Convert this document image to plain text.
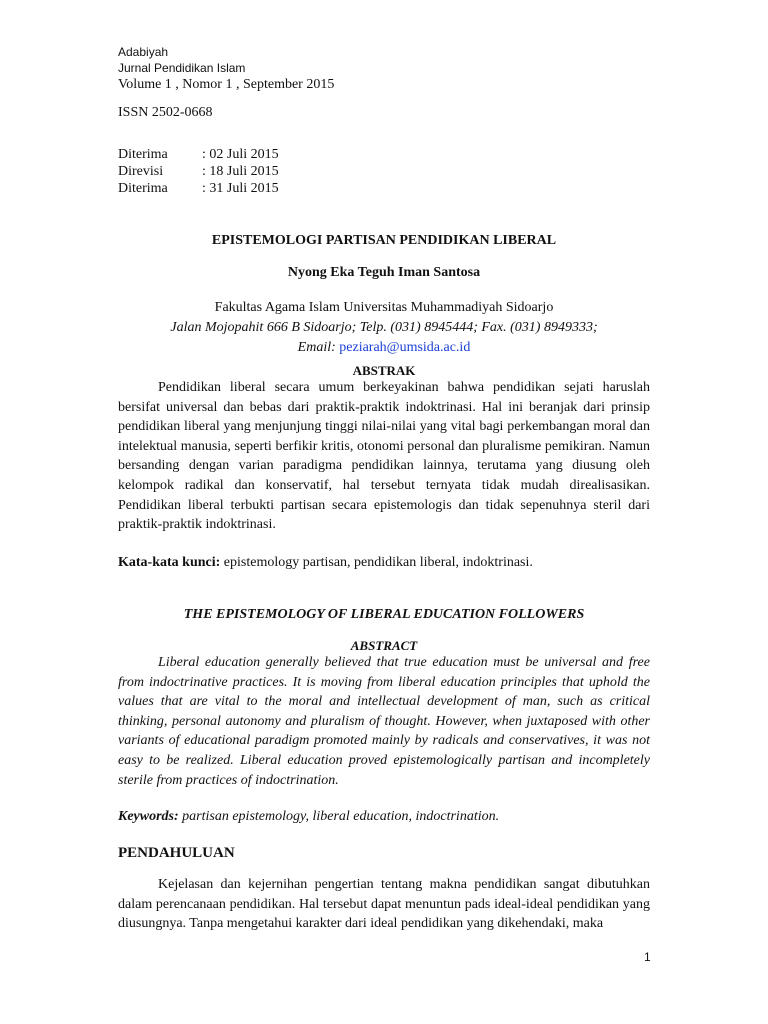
Adabiyah
Jurnal Pendidikan Islam
Volume 1 , Nomor 1 , September 2015
ISSN 2502-0668
Diterima	: 02 Juli 2015
Direvisi	: 18 Juli 2015
Diterima	: 31 Juli 2015
EPISTEMOLOGI PARTISAN PENDIDIKAN LIBERAL
Nyong Eka Teguh Iman Santosa
Fakultas Agama Islam Universitas Muhammadiyah Sidoarjo
Jalan Mojopahit 666 B Sidoarjo; Telp. (031) 8945444; Fax. (031) 8949333;
Email: peziarah@umsida.ac.id
ABSTRAK
Pendidikan liberal secara umum berkeyakinan bahwa pendidikan sejati haruslah bersifat universal dan bebas dari praktik-praktik indoktrinasi. Hal ini beranjak dari prinsip pendidikan liberal yang menjunjung tinggi nilai-nilai yang vital bagi perkembangan moral dan intelektual manusia, seperti berfikir kritis, otonomi personal dan pluralisme pemikiran. Namun bersanding dengan varian paradigma pendidikan lainnya, terutama yang diusung oleh kelompok radikal dan konservatif, hal tersebut ternyata tidak mudah direalisasikan. Pendidikan liberal terbukti partisan secara epistemologis dan tidak sepenuhnya steril dari praktik-praktik indoktrinasi.
Kata-kata kunci: epistemology partisan, pendidikan liberal, indoktrinasi.
THE EPISTEMOLOGY OF LIBERAL EDUCATION FOLLOWERS
ABSTRACT
Liberal education generally believed that true education must be universal and free from indoctrinative practices. It is moving from liberal education principles that uphold the values that are vital to the moral and intellectual development of man, such as critical thinking, personal autonomy and pluralism of thought. However, when juxtaposed with other variants of educational paradigm promoted mainly by radicals and conservatives, it was not easy to be realized. Liberal education proved epistemologically partisan and incompletely sterile from practices of indoctrination.
Keywords: partisan epistemology, liberal education, indoctrination.
PENDAHULUAN
Kejelasan dan kejernihan pengertian tentang makna pendidikan sangat dibutuhkan dalam perencanaan pendidikan. Hal tersebut dapat menuntun pads ideal-ideal pendidikan yang diusungnya. Tanpa mengetahui karakter dari ideal pendidikan yang dikehendaki, maka
1
